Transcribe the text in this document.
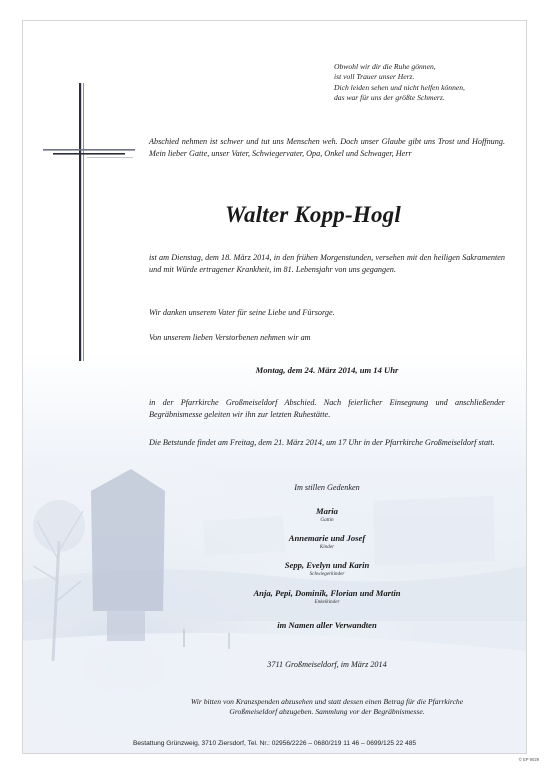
Obwohl wir dir die Ruhe gönnen,
ist voll Trauer unser Herz.
Dich leiden sehen und nicht helfen können,
das war für uns der größte Schmerz.
Abschied nehmen ist schwer und tut uns Menschen weh. Doch unser Glaube gibt uns Trost und Hoffnung. Mein lieber Gatte, unser Vater, Schwiegervater, Opa, Onkel und Schwager, Herr
Walter Kopp-Hogl
ist am Dienstag, dem 18. März 2014, in den frühen Morgenstunden, versehen mit den heiligen Sakramenten und mit Würde ertragener Krankheit, im 81. Lebensjahr von uns gegangen.
Wir danken unserem Vater für seine Liebe und Fürsorge.
Von unserem lieben Verstorbenen nehmen wir am
Montag, dem 24. März 2014, um 14 Uhr
in der Pfarrkirche Großmeiseldorf Abschied. Nach feierlicher Einsegnung und anschließender Begräbnismesse geleiten wir ihn zur letzten Ruhestätte.
Die Betstunde findet am Freitag, dem 21. März 2014, um 17 Uhr in der Pfarrkirche Großmeiseldorf statt.
Im stillen Gedenken
Maria
Gattin
Annemarie und Josef
Kinder
Sepp, Evelyn und Karin
Schwiegerkinder
Anja, Pepi, Dominik, Florian und Martin
Enkelkinder
im Namen aller Verwandten
3711 Großmeiseldorf, im März 2014
Wir bitten von Kranzspenden abzusehen und statt dessen einen Betrag für die Pfarrkirche
Großmeiseldorf abzugeben. Sammlung vor der Begräbnismesse.
Bestattung Grünzweig, 3710 Ziersdorf, Tel. Nr.: 02956/2226 – 0680/219 11 46 – 0699/125 22 485
© EP 9029
